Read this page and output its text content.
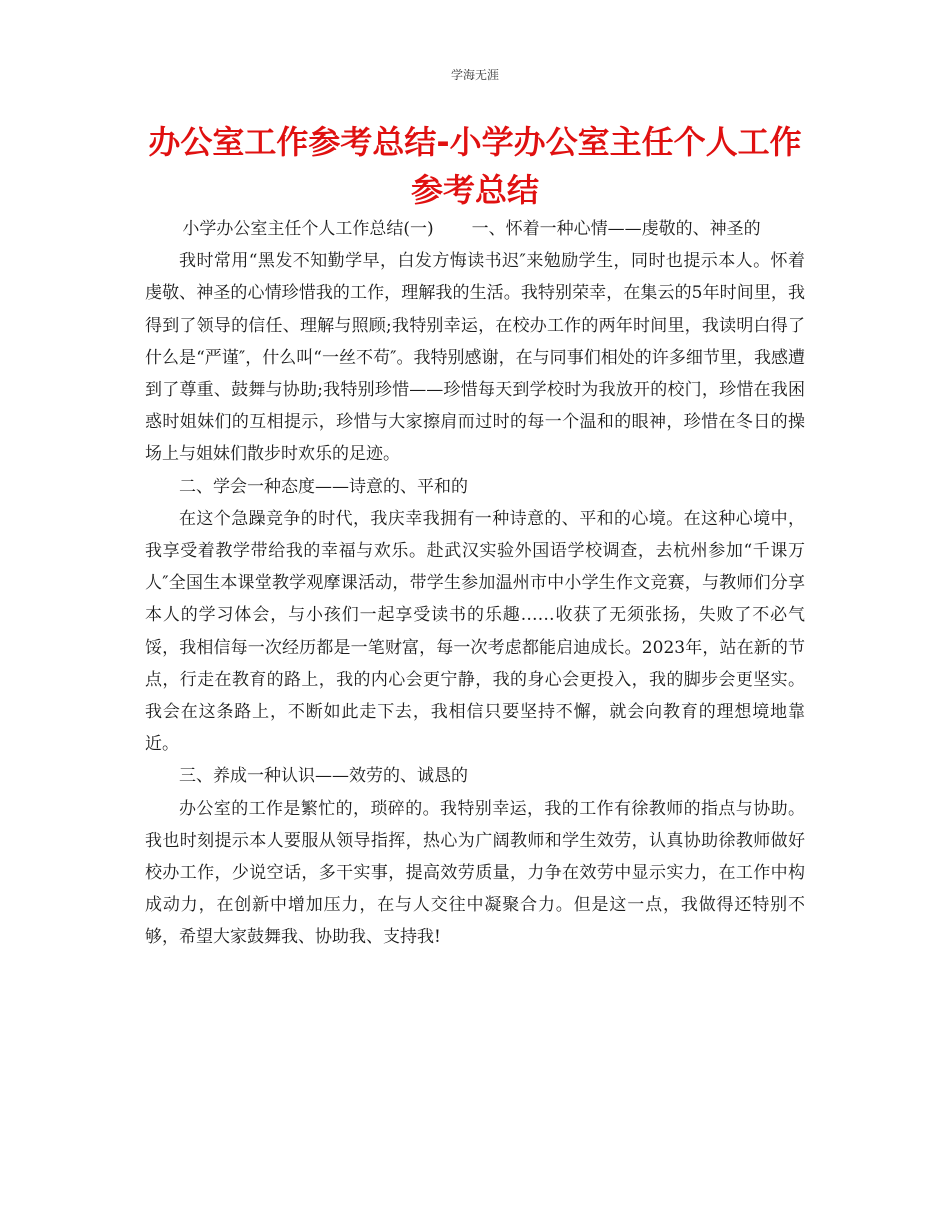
学海无涯
办公室工作参考总结-小学办公室主任个人工作参考总结

小学办公室主任个人工作总结(一) 一、怀着一种心情——虔敬的、神圣的

我时常用“黑发不知勤学早，白发方悔读书迟″来勉励学生，同时也提示本人。怀着虔敬、神圣的心情珍惜我的工作，理解我的生活。我特别荣幸，在集云的5年时间里，我得到了领导的信任、理解与照顾;我特别幸运，在校办工作的两年时间里，我读明白得了什么是“严谨″，什么叫“一丝不苟″。我特别感谢，在与同事们相处的许多细节里，我感遭到了尊重、鼓舞与协助;我特别珍惜——珍惜每天到学校时为我放开的校门，珍惜在我困惑时姐妹们的互相提示，珍惜与大家擦肩而过时的每一个温和的眼神，珍惜在冬日的操场上与姐妹们散步时欢乐的足迹。

二、学会一种态度——诗意的、平和的

在这个急躁竞争的时代，我庆幸我拥有一种诗意的、平和的心境。在这种心境中，我享受着教学带给我的幸福与欢乐。赴武汉实验外国语学校调查，去杭州参加“千课万人″全国生本课堂教学观摩课活动，带学生参加温州市中小学生作文竞赛，与教师们分享本人的学习体会，与小孩们一起享受读书的乐趣……收获了无须张扬，失败了不必气馁，我相信每一次经历都是一笔财富，每一次考虑都能启迪成长。2023年，站在新的节点，行走在教育的路上，我的内心会更宁静，我的身心会更投入，我的脚步会更坚实。我会在这条路上，不断如此走下去，我相信只要坚持不懈，就会向教育的理想境地靠近。

三、养成一种认识——效劳的、诚恳的

办公室的工作是繁忙的，琐碎的。我特别幸运，我的工作有徐教师的指点与协助。我也时刻提示本人要服从领导指挥，热心为广阔教师和学生效劳，认真协助徐教师做好校办工作，少说空话，多干实事，提高效劳质量，力争在效劳中显示实力，在工作中构成动力，在创新中增加压力，在与人交往中凝聚合力。但是这一点，我做得还特别不够，希望大家鼓舞我、协助我、支持我!
